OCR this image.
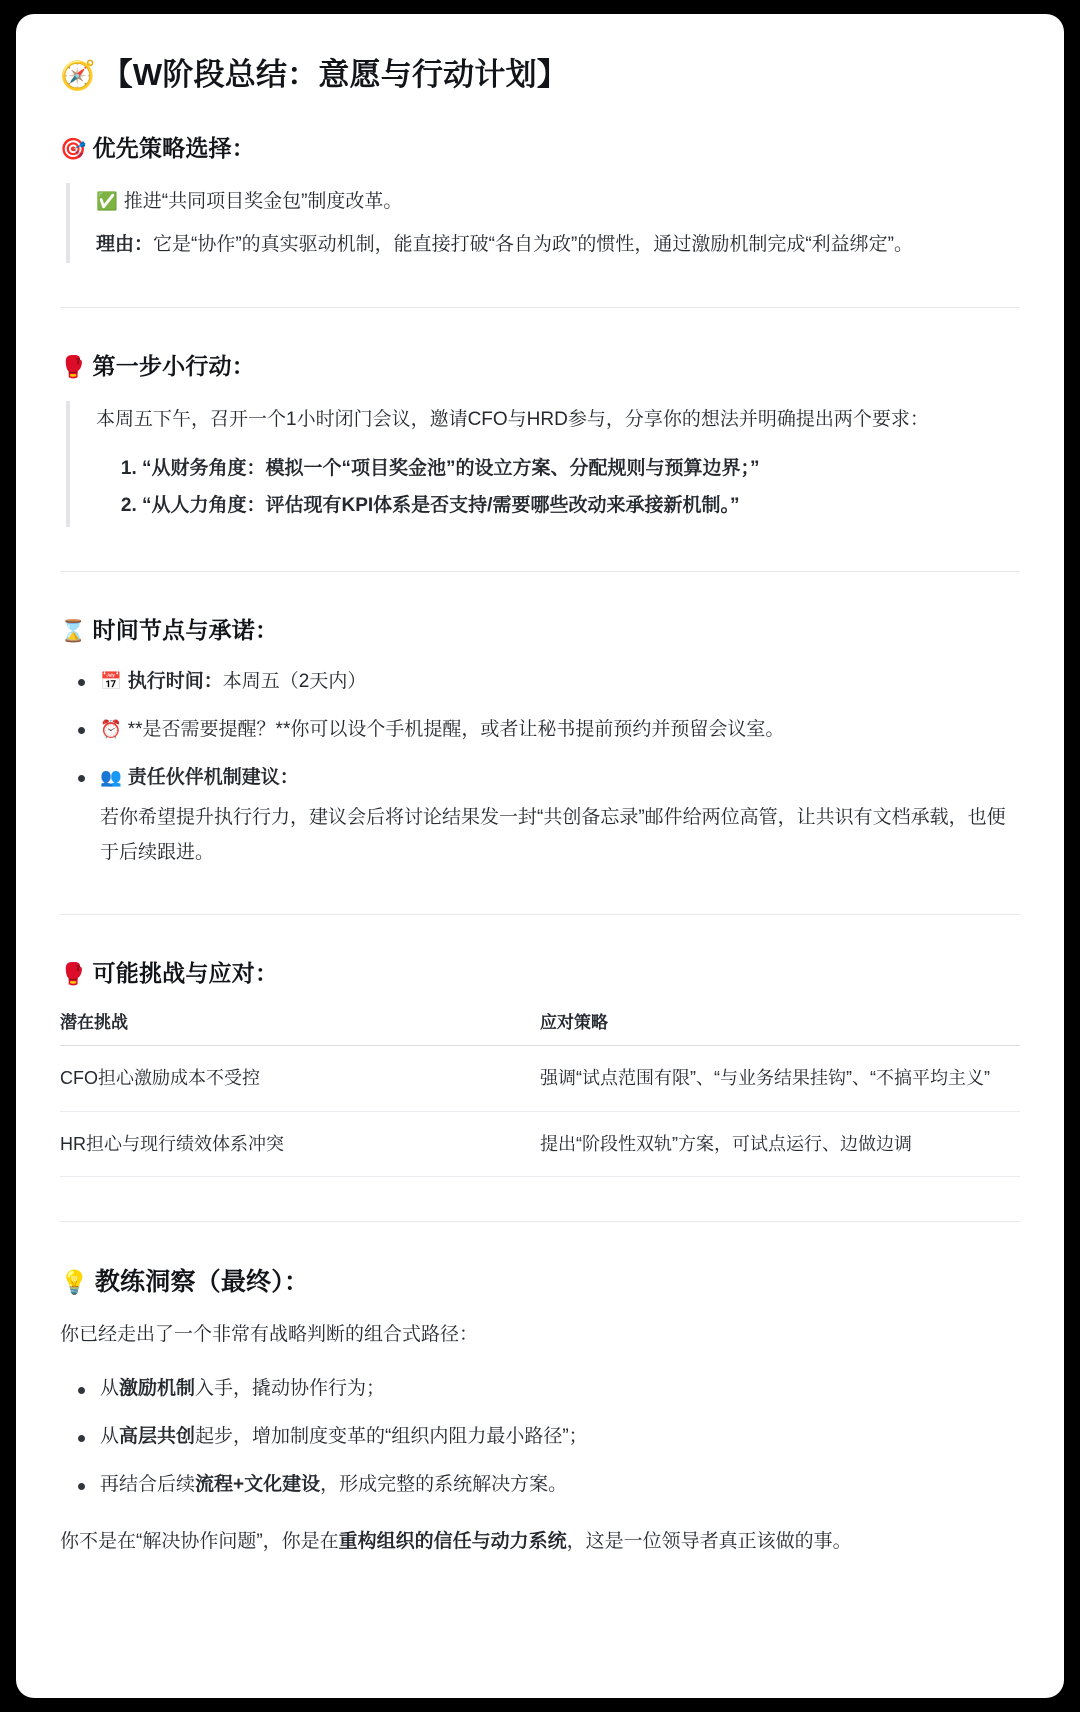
🧭 【W阶段总结：意愿与行动计划】
🎯 优先策略选择：

✅ 推进“共同项目奖金包”制度改革。

理由：它是“协作”的真实驱动机制，能直接打破“各自为政”的惯性，通过激励机制完成“利益绑定”。

🥊 第一步小行动：

本周五下午，召开一个1小时闭门会议，邀请CFO与HRD参与，分享你的想法并明确提出两个要求：

1. “从财务角度：模拟一个“项目奖金池”的设立方案、分配规则与预算边界；”
2. “从人力角度：评估现有KPI体系是否支持/需要哪些改动来承接新机制。”
⌛ 时间节点与承诺：
📅 执行时间：本周五（2天内）
⏰ **是否需要提醒？**你可以设个手机提醒，或者让秘书提前预约并预留会议室。
👥 责任伙伴机制建议：
若你希望提升执行行力，建议会后将讨论结果发一封“共创备忘录”邮件给两位高管，让共识有文档承载，也便于后续跟进。
🥊 可能挑战与应对：
潜在挑战	应对策略
CFO担心激励成本不受控	强调“试点范围有限”、“与业务结果挂钩”、“不搞平均主义”
HR担心与现行绩效体系冲突	提出“阶段性双轨”方案，可试点运行、边做边调
💡 教练洞察（最终）：

你已经走出了一个非常有战略判断的组合式路径：

从激励机制入手，撬动协作行为；
从高层共创起步，增加制度变革的“组织内阻力最小路径”；
再结合后续流程+文化建设，形成完整的系统解决方案。

你不是在“解决协作问题”，你是在重构组织的信任与动力系统，这是一位领导者真正该做的事。
